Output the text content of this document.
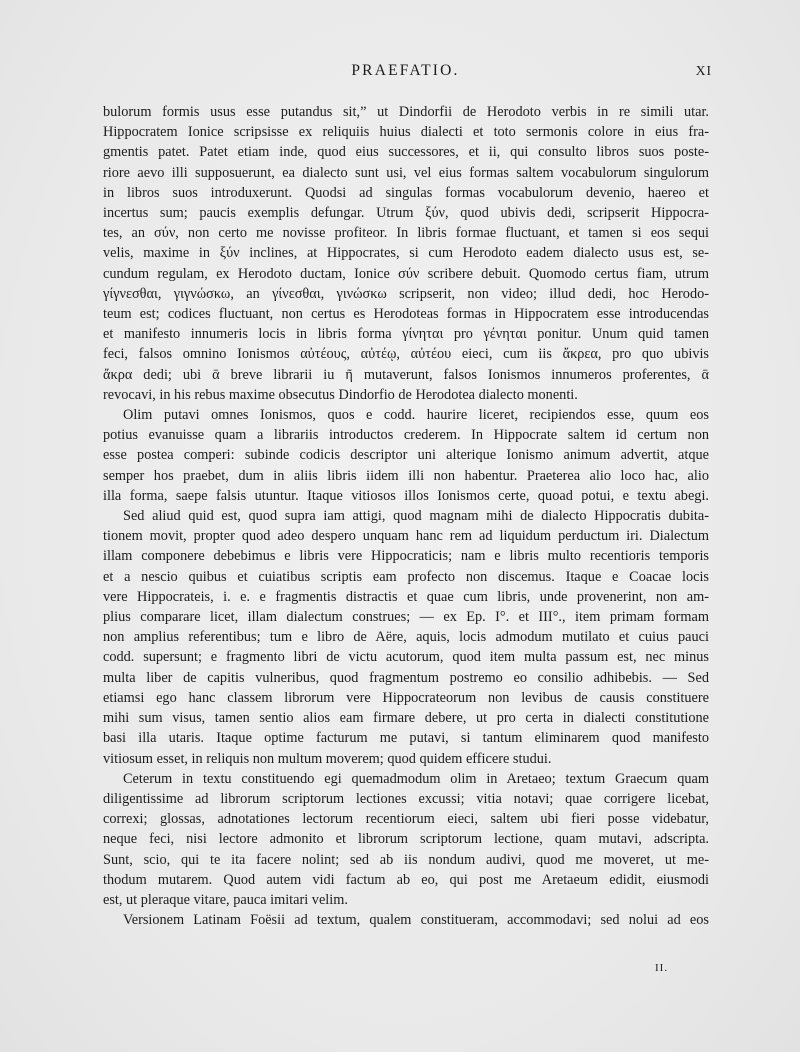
PRAEFATIO.	XI

bulorum formis usus esse putandus sit,” ut Dindorfii de Herodoto verbis in re simili utar.

Hippocratem Ionice scripsisse ex reliquiis huius dialecti et toto sermonis colore in eius fra-

gmentis patet. Patet etiam inde, quod eius successores, et ii, qui consulto libros suos poste-

riore aevo illi supposuerunt, ea dialecto sunt usi, vel eius formas saltem vocabulorum singulorum

in libros suos introduxerunt. Quodsi ad singulas formas vocabulorum devenio, haereo et

incertus sum; paucis exemplis defungar. Utrum ξύν, quod ubivis dedi, scripserit Hippocra-

tes, an σύν, non certo me novisse profiteor. In libris formae fluctuant, et tamen si eos sequi

velis, maxime in ξύν inclines, at Hippocrates, si cum Herodoto eadem dialecto usus est, se-

cundum regulam, ex Herodoto ductam, Ionice σύν scribere debuit. Quomodo certus fiam, utrum

γίγνεσθαι, γιγνώσκω, an γίνεσθαι, γινώσκω scripserit, non video; illud dedi, hoc Herodo-

teum est; codices fluctuant, non certus es Herodoteas formas in Hippocratem esse introducendas

et manifesto innumeris locis in libris forma γίνηται pro γένηται ponitur. Unum quid tamen

feci, falsos omnino Ionismos αὐτέους, αὐτέῳ, αὐτέου eieci, cum iis ἄκρεα, pro quo ubivis

ἄκρα dedi; ubi ᾱ breve librarii iu ῆ mutaverunt, falsos Ionismos innumeros proferentes, ᾱ

revocavi, in his rebus maxime obsecutus Dindorfio de Herodotea dialecto monenti.

Olim putavi omnes Ionismos, quos e codd. haurire liceret, recipiendos esse, quum eos

potius evanuisse quam a librariis introductos crederem. In Hippocrate saltem id certum non

esse postea comperi: subinde codicis descriptor uni alterique Ionismo animum advertit, atque

semper hos praebet, dum in aliis libris iidem illi non habentur. Praeterea alio loco hac, alio

illa forma, saepe falsis utuntur. Itaque vitiosos illos Ionismos certe, quoad potui, e textu abegi.

Sed aliud quid est, quod supra iam attigi, quod magnam mihi de dialecto Hippocratis dubita-

tionem movit, propter quod adeo despero unquam hanc rem ad liquidum perductum iri. Dialectum

illam componere debebimus e libris vere Hippocraticis; nam e libris multo recentioris temporis

et a nescio quibus et cuiatibus scriptis eam profecto non discemus. Itaque e Coacae locis

vere Hippocrateis, i. e. e fragmentis distractis et quae cum libris, unde provenerint, non am-

plius comparare licet, illam dialectum construes; — ex Ep. I°. et III°., item primam formam

non amplius referentibus; tum e libro de Aëre, aquis, locis admodum mutilato et cuius pauci

codd. supersunt; e fragmento libri de victu acutorum, quod item multa passum est, nec minus

multa liber de capitis vulneribus, quod fragmentum postremo eo consilio adhibebis. — Sed

etiamsi ego hanc classem librorum vere Hippocrateorum non levibus de causis constituere

mihi sum visus, tamen sentio alios eam firmare debere, ut pro certa in dialecti constitutione

basi illa utaris. Itaque optime facturum me putavi, si tantum eliminarem quod manifesto

vitiosum esset, in reliquis non multum moverem; quod quidem efficere studui.

Ceterum in textu constituendo egi quemadmodum olim in Aretaeo; textum Graecum quam

diligentissime ad librorum scriptorum lectiones excussi; vitia notavi; quae corrigere licebat,

correxi; glossas, adnotationes lectorum recentiorum eieci, saltem ubi fieri posse videbatur,

neque feci, nisi lectore admonito et librorum scriptorum lectione, quam mutavi, adscripta.

Sunt, scio, qui te ita facere nolint; sed ab iis nondum audivi, quod me moveret, ut me-

thodum mutarem. Quod autem vidi factum ab eo, qui post me Aretaeum edidit, eiusmodi

est, ut pleraque vitare, pauca imitari velim.

Versionem Latinam Foësii ad textum, qualem constitueram, accommodavi; sed nolui ad eos

II.
